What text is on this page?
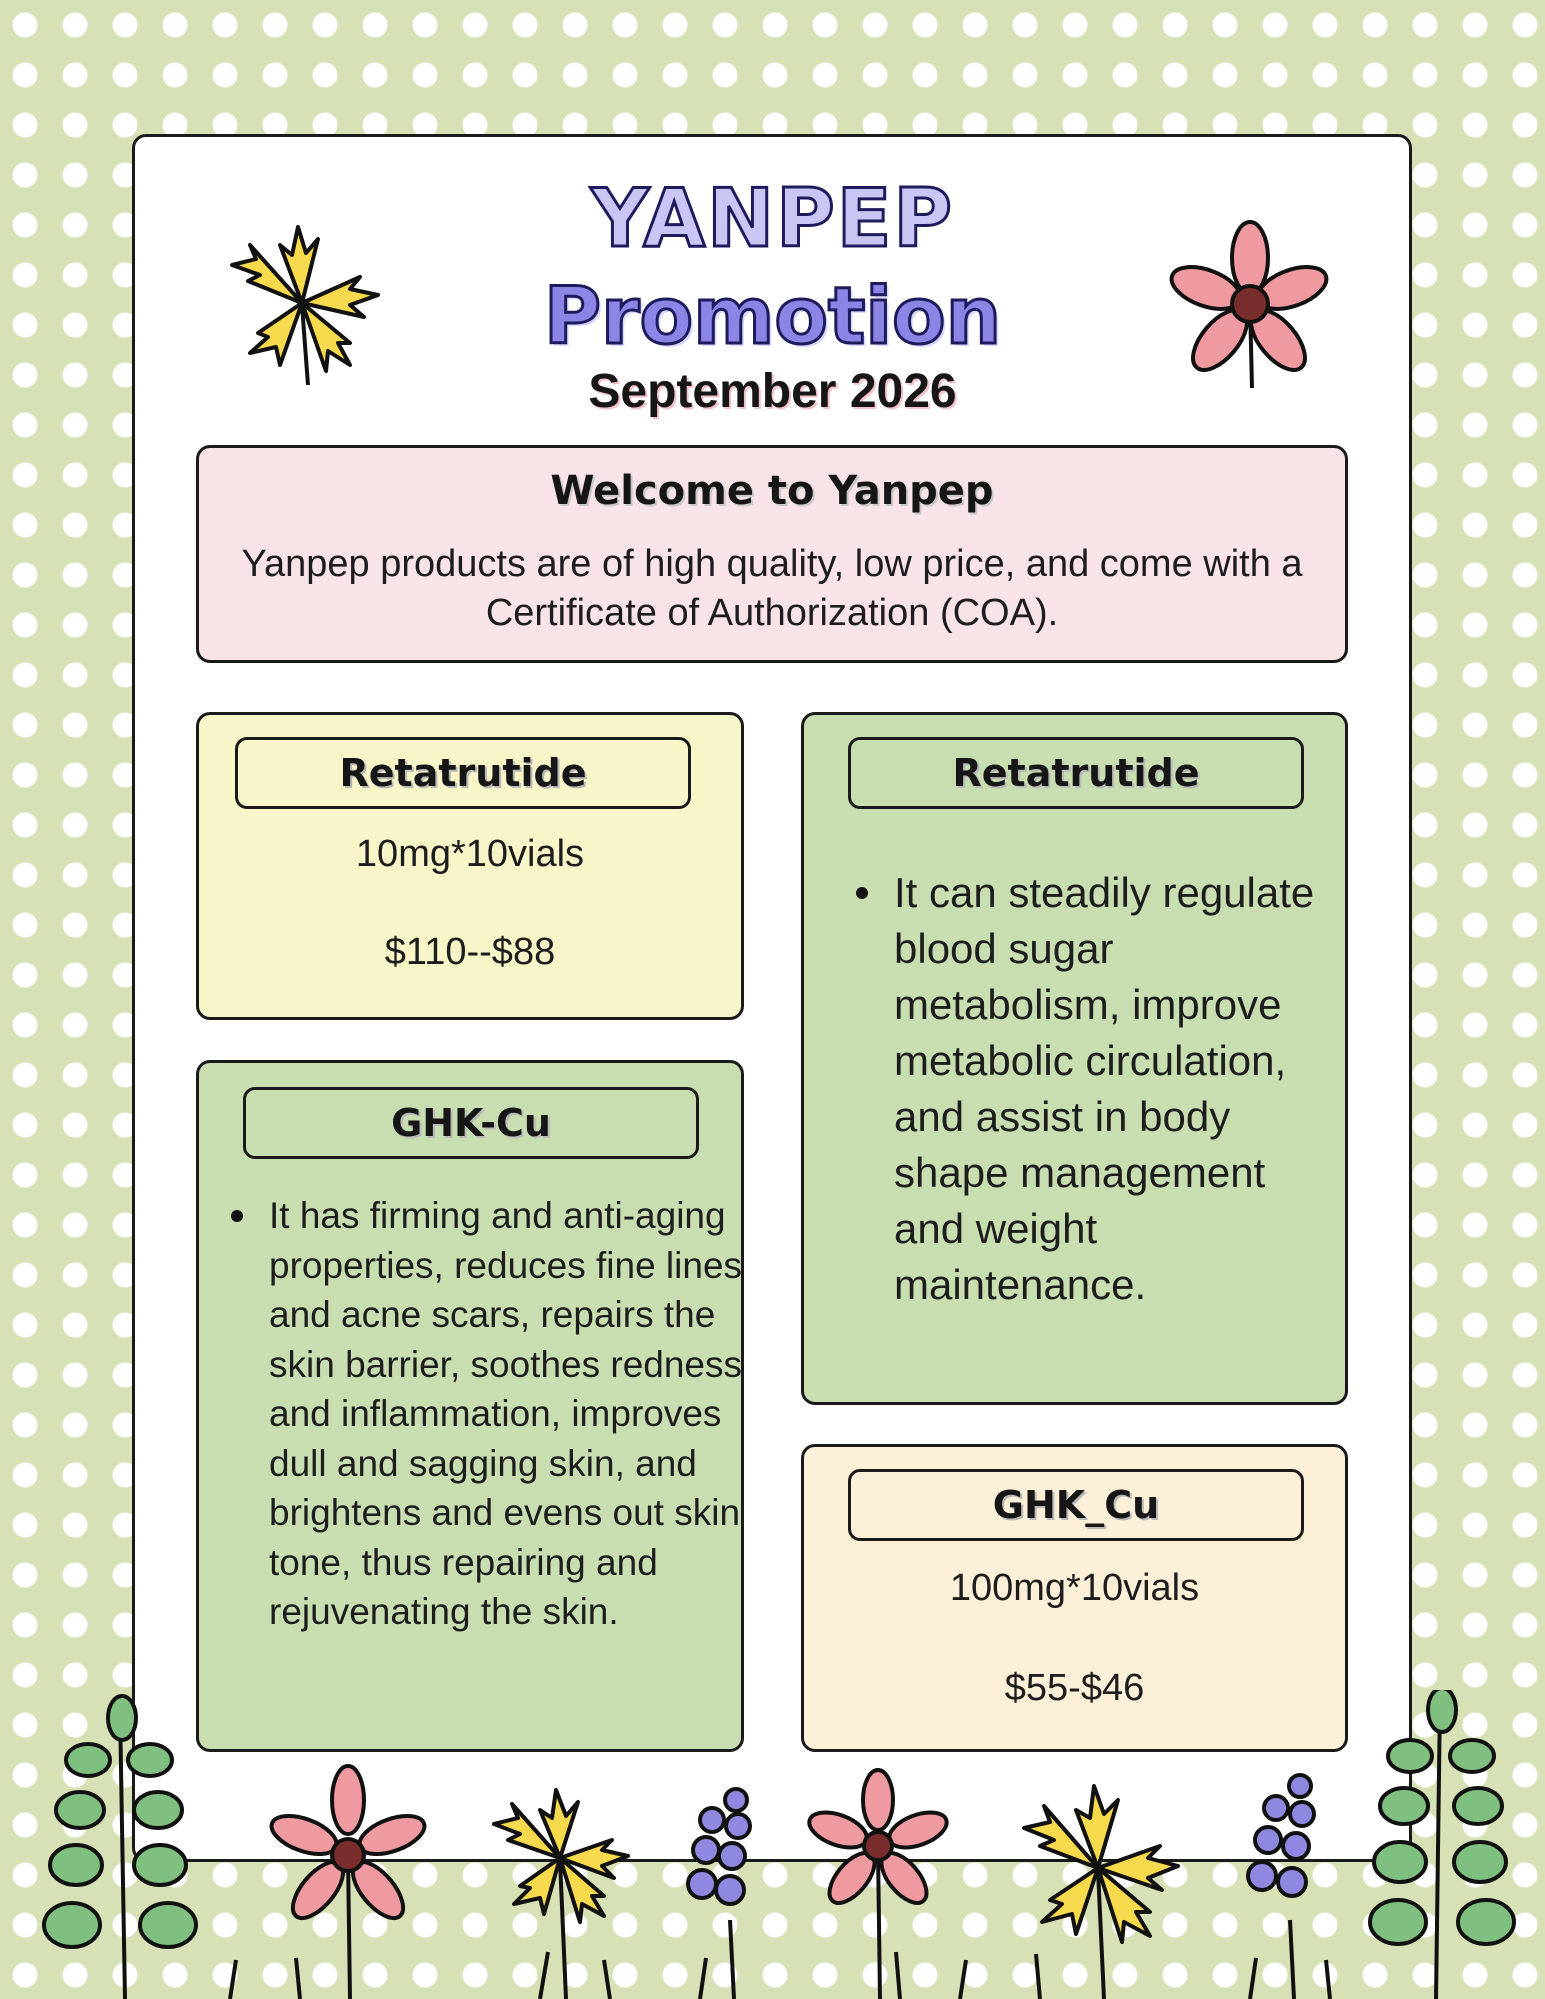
YANPEP
Promotion
September 2026
Welcome to Yanpep

Yanpep products are of high quality, low price, and come with a Certificate of Authorization (COA).

Retatrutide
10mg*10vials
$110--$88
Retatrutide
It can steadily regulate blood sugar metabolism, improve metabolic circulation, and assist in body shape management and weight maintenance.
GHK-Cu
It has firming and anti-aging properties, reduces fine lines and acne scars, repairs the skin barrier, soothes redness and inflammation, improves dull and sagging skin, and brightens and evens out skin tone, thus repairing and rejuvenating the skin.
GHK_Cu
100mg*10vials
$55-$46
